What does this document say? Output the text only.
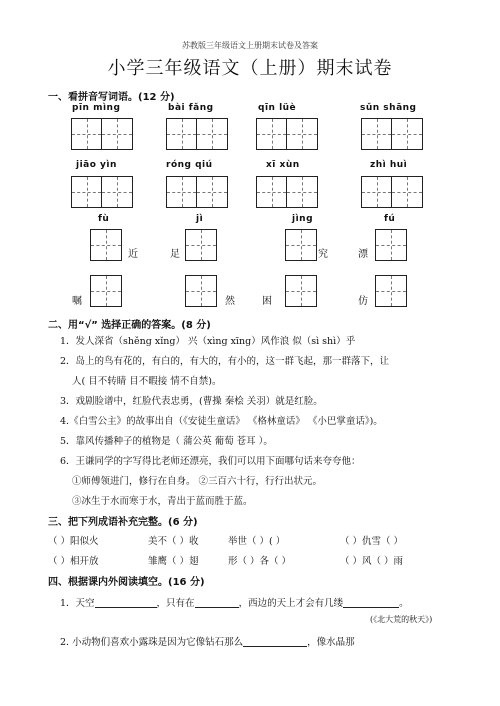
苏教版三年级语文上册期末试卷及答案
小学三年级语文（上册）期末试卷
一、看拼音写词语。(12 分)
pīn mìng	bài fǎng	qīn lüè	sǔn shāng
jiāo yìn	róng qiú	xī xùn	zhì huì
fù	jì	jìng	fú
近	足	究	漂
嘱	然	困	仿
二、用“√” 选择正确的答案。(8 分)
1．发人深省（shěng xǐng） 兴（xìng xīng）风作浪 似（sì shì）乎
2．岛上的鸟有花的，有白的，有大的，有小的，这一群飞起，那一群落下，让
人( 目不转睛 目不暇接 情不自禁)。
3．戏剧脸谱中，红脸代表忠勇，(曹操 秦桧 关羽）就是红脸。
4.《白雪公主》的故事出自（《安徒生童话》 《格林童话》 《小巴掌童话》)。
5．靠风传播种子的植物是（ 蒲公英 葡萄 苍耳 ）。
6．王谦同学的字写得比老师还漂亮，我们可以用下面哪句话来夸夸他：
①师傅领进门，修行在自身。 ②三百六十行，行行出状元。
③冰生于水而寒于水，青出于蓝而胜于蓝。
三、把下列成语补充完整。(6 分)
（ ）阳似火	美不（ ）收	举世（ ）( ）	（ ）仇雪（ ）
（ ）相开放	雏鹰（ ）翅	形（ ）各（ ）	（ ）风（ ）雨
四、根据课内外阅读填空。(16 分)
1．天空	，只有在	，西边的天上才会有几缕	。
(《北大荒的秋天》)
2. 小动物们喜欢小露珠是因为它像钻石那么	，像水晶那
